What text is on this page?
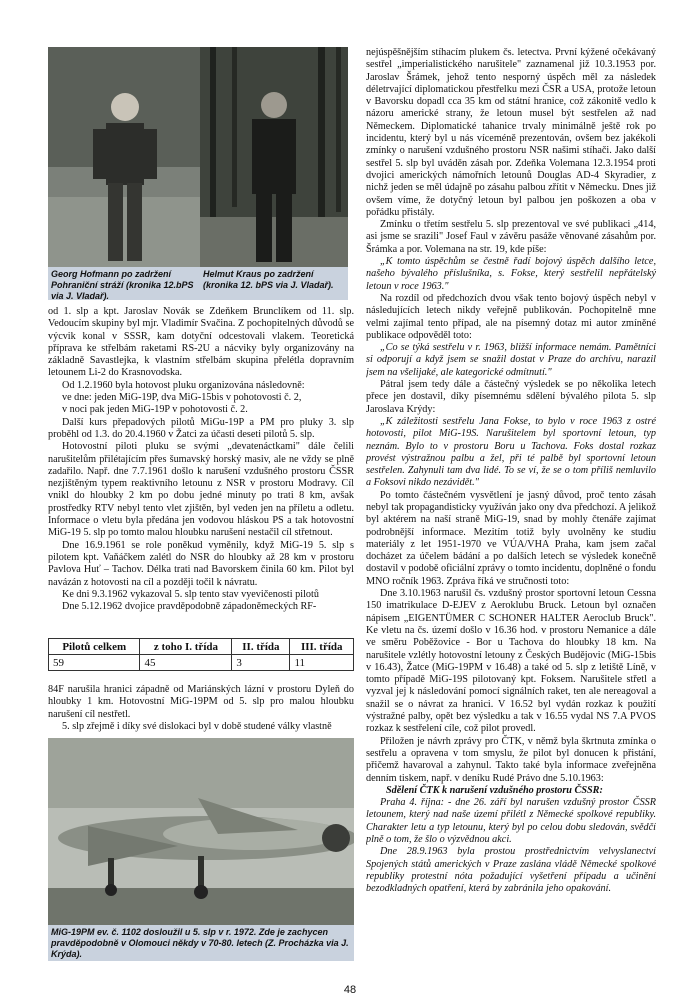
Georg Hofmann po zadržení Pohraniční stráží (kronika 12.bPS via J. Vladař).
Helmut Kraus po zadržení (kronika 12. bPS via J. Vladař).

od 1. slp a kpt. Jaroslav Novák se Zdeňkem Brunclíkem od 11. slp. Vedoucím skupiny byl mjr. Vladimír Svačina. Z pochopitelných důvodů se výcvik konal v SSSR, kam dotyční odcestovali vlakem. Teoretická příprava ke střelbám raketami RS-2U a nácviky byly organizovány na základně Savastlejka, k vlastním střelbám skupina přelétla dopravním letounem Li-2 do Krasnovodska.

Od 1.2.1960 byla hotovost pluku organizována následovně:

ve dne: jeden MiG-19P, dva MiG-15bis v pohotovosti č. 2,

v noci pak jeden MiG-19P v pohotovosti č. 2.

Další kurs přepadových pilotů MiGu-19P a PM pro pluky 3. slp proběhl od 1.3. do 20.4.1960 v Žatci za účasti deseti pilotů 5. slp.

Hotovostní piloti pluku se svými „devatenáctkami" dále čelili narušitelům přilétajícím přes šumavský horský masiv, ale ne vždy se plně zadařilo. Např. dne 7.7.1961 došlo k narušení vzdušného prostoru ČSSR nezjištěným typem reaktivního letounu z NSR v prostoru Modravy. Cíl vnikl do hloubky 2 km po dobu jedné minuty po trati 8 km, avšak prostředky RTV nebyl tento vlet zjištěn, byl veden jen na příletu a odletu. Informace o vletu byla předána jen vodovou hláskou PS a tak hotovostní MiG-19 5. slp po tomto malou hloubku narušení nestačil cíl střetnout.

Dne 16.9.1961 se role poněkud vyměnily, když MiG-19 5. slp s pilotem kpt. Vaňáčkem zalétl do NSR do hloubky až 28 km v prostoru Pavlova Huť – Tachov. Délka trati nad Bavorskem činila 60 km. Pilot byl navázán z hotovosti na cíl a později točil k návratu.

Ke dni 9.3.1962 vykazoval 5. slp tento stav vyevičenosti pilotů

Dne 5.12.1962 dvojice pravděpodobně západoněmeckých RF-

Pilotů celkem	z toho I. třída	II. třída	III. třída
59	45	3	11

84F narušila hranici západně od Mariánských lázní v prostoru Dyleň do hloubky 1 km. Hotovostní MiG-19PM od 5. slp pro malou hloubku narušení cíl nestřetl.

5. slp zřejmě i díky své dislokaci byl v době studené války vlastně

MiG-19PM ev. č. 1102 dosloužil u 5. slp v r. 1972. Zde je zachycen pravděpodobně v Olomouci někdy v 70-80. letech (Z. Procházka via J. Krýda).

nejúspěšnějším stíhacím plukem čs. letectva. První kýžené očekávaný sestřel „imperialistického narušitele" zaznamenal již 10.3.1953 por. Jaroslav Šrámek, jehož tento nesporný úspěch měl za následek déletrvající diplomatickou přestřelku mezi ČSR a USA, protože letoun v Bavorsku dopadl cca 35 km od státní hranice, což zákonitě vedlo k názoru americké strany, že letoun musel být sestřelen až nad Německem. Diplomatické tahanice trvaly minimálně ještě rok po incidentu, který byl u nás víceméně prezentován, ovšem bez jakékoli zmínky o narušení vzdušného prostoru NSR našimi stíhači. Jako další sestřel 5. slp byl uváděn zásah por. Zdeňka Volemana 12.3.1954 proti dvojici amerických námořních letounů Douglas AD-4 Skyradier, z nichž jeden se měl údajně po zásahu palbou zřítit v Německu. Dnes již ovšem víme, že dotyčný letoun byl palbou jen poškozen a oba v pořádku přistály.

Zmínku o třetím sestřelu 5. slp prezentoval ve své publikaci „414, asi jsme se srazili" Josef Faul v závěru pasáže věnované zásahům por. Šrámka a por. Volemana na str. 19, kde píše:

„K tomto úspěchům se čestně řadí bojový úspěch dalšího letce, našeho bývalého příslušníka, s. Fokse, který sestřelil nepřátelský letoun v roce 1963."

Na rozdíl od předchozích dvou však tento bojový úspěch nebyl v následujících letech nikdy veřejně publikován. Pochopitelně mne velmi zajímal tento případ, ale na písemný dotaz mi autor zmíněné publikace odpověděl toto:

„Co se týká sestřelu v r. 1963, bližší informace nemám. Pamětníci si odporují a když jsem se snažil dostat v Praze do archívu, narazil jsem na všelijaké, ale kategorické odmítnutí."

Pátral jsem tedy dále a částečný výsledek se po několika letech přece jen dostavil, díky písemnému sdělení bývalého pilota 5. slp Jaroslava Krýdy:

„K záležitosti sestřelu Jana Fokse, to bylo v roce 1963 z ostré hotovosti, pilot MiG-19S. Narušitelem byl sportovní letoun, typ neznám. Bylo to v prostoru Boru u Tachova. Foks dostal rozkaz provést výstražnou palbu a žel, při té palbě byl sportovní letoun sestřelen. Zahynuli tam dva lidé. To se ví, že se o tom příliš nemluvilo a Foksovi nikdo nezávidět."

Po tomto částečném vysvětlení je jasný důvod, proč tento zásah nebyl tak propagandisticky využíván jako ony dva předchozí. A jelikož byl aktérem na naší straně MiG-19, snad by mohly čtenáře zajímat podrobnější informace. Mezitím totiž byly uvolněny ke studiu materiály z let 1951-1970 ve VÚA/VHA Praha, kam jsem začal docházet za účelem bádání a po dalších letech se výsledek konečně dostavil v podobě oficiální zprávy o tomto incidentu, doplněné o fondu MNO ročník 1963. Zpráva říká ve stručnosti toto:

Dne 3.10.1963 narušil čs. vzdušný prostor sportovní letoun Cessna 150 imatrikulace D-EJEV z Aeroklubu Bruck. Letoun byl označen nápisem „EIGENTÜMER C SCHONER HALTER Aeroclub Bruck". Ke vletu na čs. území došlo v 16.36 hod. v prostoru Nemanice a dále ve směru Poběžovice - Bor u Tachova do hloubky 18 km. Na narušitele vzlétly hotovostní letouny z Českých Budějovic (MiG-15bis v 16.43), Žatce (MiG-19PM v 16.48) a také od 5. slp z letiště Líně, v tomto případě MiG-19S pilotovaný kpt. Foksem. Narušitele střetl a vyzval jej k následování pomocí signálních raket, ten ale nereagoval a snažil se o návrat za hranici. V 16.52 byl vydán rozkaz k použití výstražné palby, opět bez výsledku a tak v 16.55 vydal NS 7.A PVOS rozkaz k sestřelení cíle, což pilot provedl.

Přiložen je návrh zprávy pro ČTK, v němž byla škrtnuta zmínka o sestřelu a opravena v tom smyslu, že pilot byl donucen k přistání, přičemž havaroval a zahynul. Takto také byla informace zveřejněna denním tiskem, např. v deníku Rudé Právo dne 5.10.1963:

Sdělení ČTK k narušení vzdušného prostoru ČSSR:

Praha 4. října: - dne 26. září byl narušen vzdušný prostor ČSSR letounem, který nad naše území přilétl z Německé spolkové republiky. Charakter letu a typ letounu, který byl po celou dobu sledován, svědčí plně o tom, že šlo o výzvědnou akci.

Dne 28.9.1963 byla prostou prostřednictvím velvyslanectví Spojených států amerických v Praze zaslána vládě Německé spolkové republiky protestní nóta požadující vyšetření případu a učinění bezodkladných opatření, která by zabránila jeho opakování.

48
